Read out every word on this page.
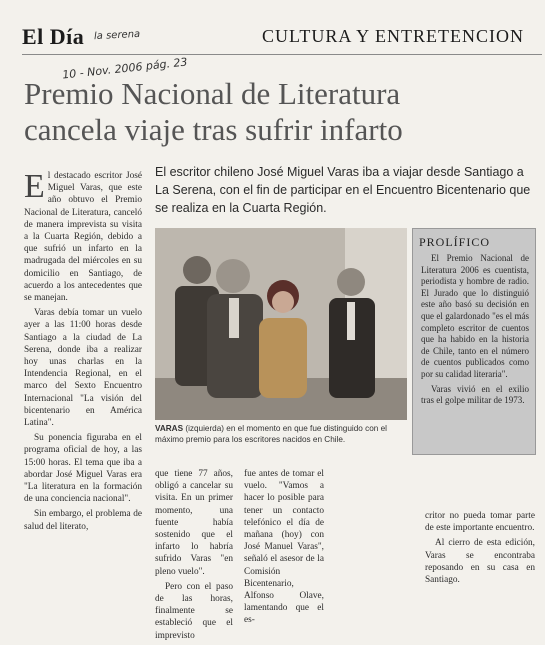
El Día la serena
10 - Nov. 2006 pág. 23
CULTURA Y ENTRETENCION
Premio Nacional de Literatura
cancela viaje tras sufrir infarto
El escritor chileno José Miguel Varas iba a viajar desde Santiago a La Serena, con el fin de participar en el Encuentro Bicentenario que se realiza en la Cuarta Región.
E l destacado escritor José Miguel Varas, que este año obtuvo el Premio Nacional de Literatura, canceló de manera imprevista su visita a la Cuarta Región, debido a que sufrió un infarto en la madrugada del miércoles en su domicilio en Santiago, de acuerdo a los antecedentes que se manejan.

Varas debía tomar un vuelo ayer a las 11:00 horas desde Santiago a la ciudad de La Serena, donde iba a realizar hoy unas charlas en la Intendencia Regional, en el marco del Sexto Encuentro Internacional "La visión del bicentenario en América Latina".

Su ponencia figuraba en el programa oficial de hoy, a las 15:00 horas. El tema que iba a abordar José Miguel Varas era "La literatura en la formación de una conciencia nacional".

Sin embargo, el problema de salud del literato,

VARAS (izquierda) en el momento en que fue distinguido con el máximo premio para los escritores nacidos en Chile.
PROLÍFICO

El Premio Nacional de Literatura 2006 es cuentista, periodista y hombre de radio. El Jurado que lo distinguió este año basó su decisión en que el galardonado "es el más completo escritor de cuentos que ha habido en la historia de Chile, tanto en el número de cuentos publicados como por su calidad literaria".

Varas vivió en el exilio tras el golpe militar de 1973.

que tiene 77 años, obligó a cancelar su visita. En un primer momento, una fuente había sostenido que el infarto lo habría sufrido Varas "en pleno vuelo".

Pero con el paso de las horas, finalmente se estableció que el imprevisto

fue antes de tomar el vuelo. "Vamos a hacer lo posible para tener un contacto telefónico el día de mañana (hoy) con José Manuel Varas", señaló el asesor de la Comisión Bicentenario, Alfonso Olave, lamentando que el es-

critor no pueda tomar parte de este importante encuentro.

Al cierro de esta edición, Varas se encontraba reposando en su casa en Santiago.
